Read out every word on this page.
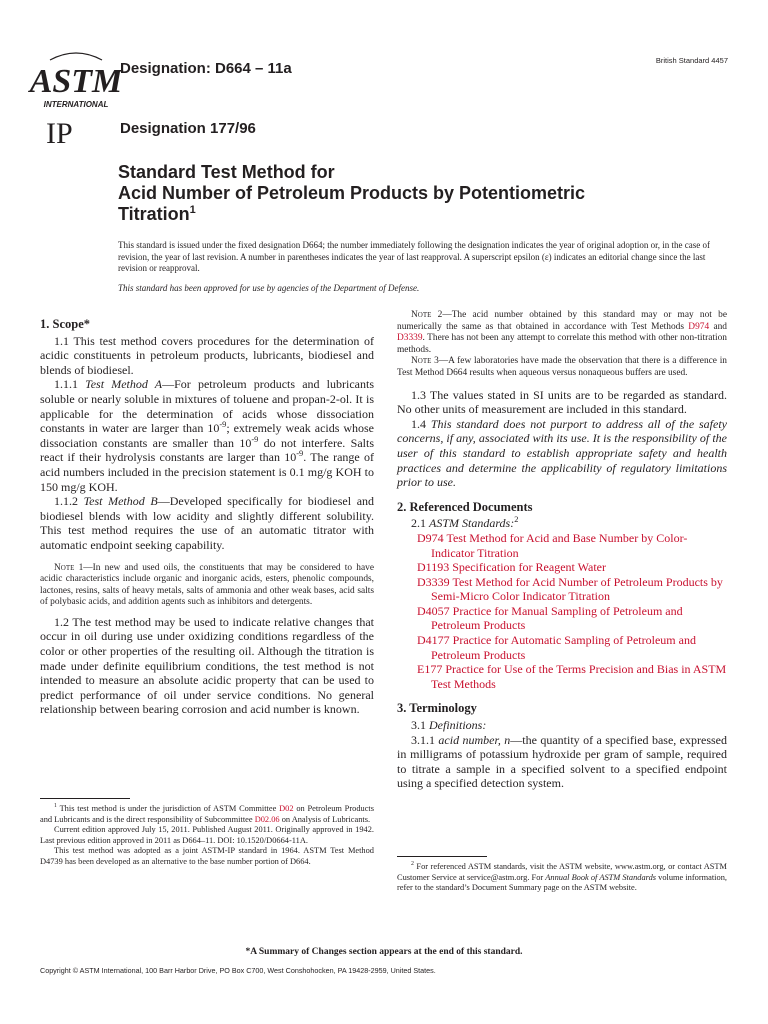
ASTM
INTERNATIONAL
IP
Designation: D664 – 11a
Designation 177/96
British Standard 4457
Standard Test Method for
Acid Number of Petroleum Products by Potentiometric
Titration$^1$

This standard is issued under the fixed designation D664; the number immediately following the designation indicates the year of original adoption or, in the case of revision, the year of last revision. A number in parentheses indicates the year of last reapproval. A superscript epsilon (ε) indicates an editorial change since the last revision or reapproval.

This standard has been approved for use by agencies of the Department of Defense.

1. Scope*

1.1 This test method covers procedures for the determination of acidic constituents in petroleum products, lubricants, biodiesel and blends of biodiesel.

1.1.1 Test Method A—For petroleum products and lubricants soluble or nearly soluble in mixtures of toluene and propan-2-ol. It is applicable for the determination of acids whose dissociation constants in water are larger than $10^{-9}$; extremely weak acids whose dissociation constants are smaller than $10^{-9}$ do not interfere. Salts react if their hydrolysis constants are larger than $10^{-9}$. The range of acid numbers included in the precision statement is 0.1 mg/g KOH to 150 mg/g KOH.

1.1.2 Test Method B—Developed specifically for biodiesel and biodiesel blends with low acidity and slightly different solubility. This test method requires the use of an automatic titrator with automatic endpoint seeking capability.

Note 1—In new and used oils, the constituents that may be considered to have acidic characteristics include organic and inorganic acids, esters, phenolic compounds, lactones, resins, salts of heavy metals, salts of ammonia and other weak bases, acid salts of polybasic acids, and addition agents such as inhibitors and detergents.

1.2 The test method may be used to indicate relative changes that occur in oil during use under oxidizing conditions regardless of the color or other properties of the resulting oil. Although the titration is made under definite equilibrium conditions, the test method is not intended to measure an absolute acidic property that can be used to predict performance of oil under service conditions. No general relationship between bearing corrosion and acid number is known.

$^1$ This test method is under the jurisdiction of ASTM Committee D02 on Petroleum Products and Lubricants and is the direct responsibility of Subcommittee D02.06 on Analysis of Lubricants.

Current edition approved July 15, 2011. Published August 2011. Originally approved in 1942. Last previous edition approved in 2011 as D664–11. DOI: 10.1520/D0664-11A.

This test method was adopted as a joint ASTM-IP standard in 1964. ASTM Test Method D4739 has been developed as an alternative to the base number portion of D664.

Note 2—The acid number obtained by this standard may or may not be numerically the same as that obtained in accordance with Test Methods D974 and D3339. There has not been any attempt to correlate this method with other non-titration methods.

Note 3—A few laboratories have made the observation that there is a difference in Test Method D664 results when aqueous versus nonaqueous buffers are used.

1.3 The values stated in SI units are to be regarded as standard. No other units of measurement are included in this standard.

1.4 This standard does not purport to address all of the safety concerns, if any, associated with its use. It is the responsibility of the user of this standard to establish appropriate safety and health practices and determine the applicability of regulatory limitations prior to use.

2. Referenced Documents

2.1 ASTM Standards:$^2$

D974 Test Method for Acid and Base Number by Color-Indicator Titration

D1193 Specification for Reagent Water

D3339 Test Method for Acid Number of Petroleum Products by Semi-Micro Color Indicator Titration

D4057 Practice for Manual Sampling of Petroleum and Petroleum Products

D4177 Practice for Automatic Sampling of Petroleum and Petroleum Products

E177 Practice for Use of the Terms Precision and Bias in ASTM Test Methods

3. Terminology

3.1 Definitions:

3.1.1 acid number, n—the quantity of a specified base, expressed in milligrams of potassium hydroxide per gram of sample, required to titrate a sample in a specified solvent to a specified endpoint using a specified detection system.

$^2$ For referenced ASTM standards, visit the ASTM website, www.astm.org, or contact ASTM Customer Service at service@astm.org. For Annual Book of ASTM Standards volume information, refer to the standard’s Document Summary page on the ASTM website.

*A Summary of Changes section appears at the end of this standard.
Copyright © ASTM International, 100 Barr Harbor Drive, PO Box C700, West Conshohocken, PA 19428-2959, United States.
